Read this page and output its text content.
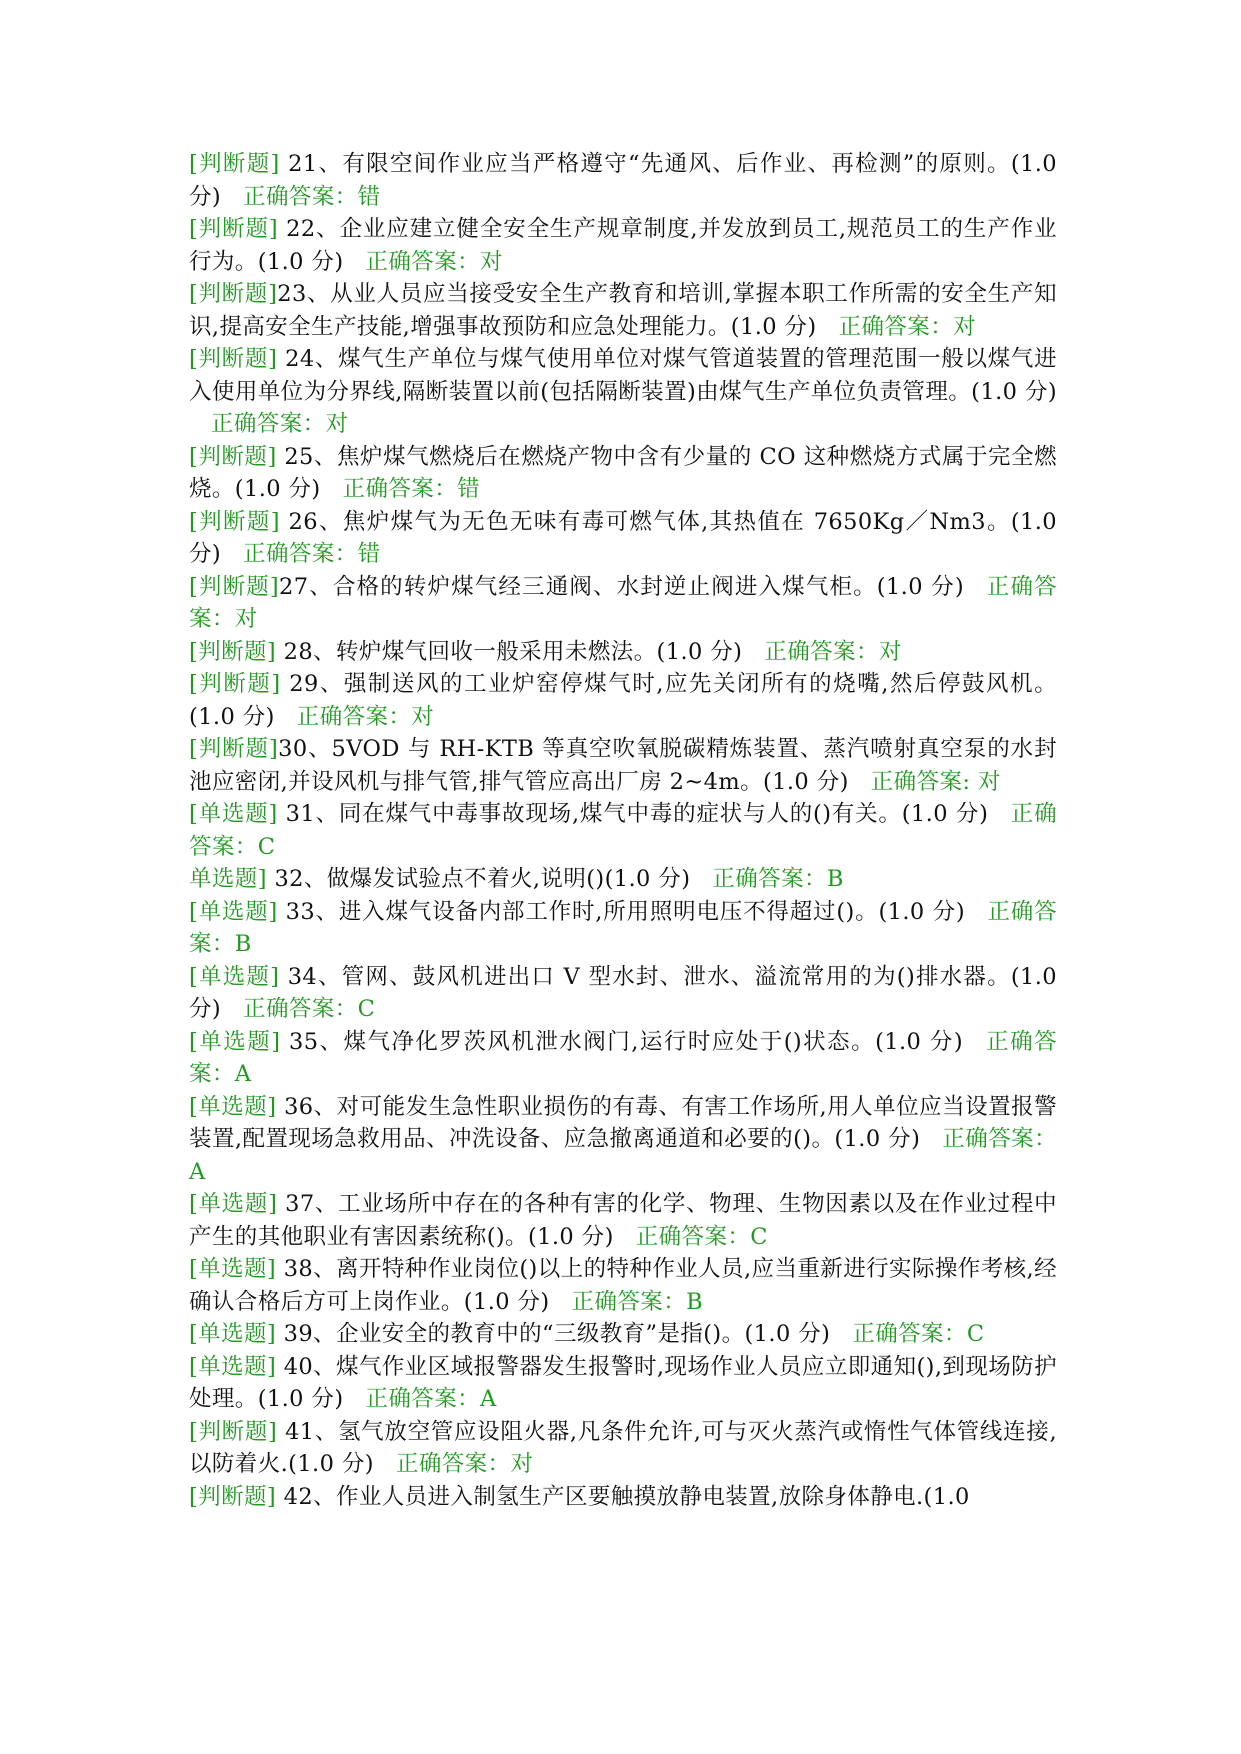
[判断题] 21、有限空间作业应当严格遵守“先通风、后作业、再检测”的原则。(1.0 分) 正确答案：错

[判断题] 22、企业应建立健全安全生产规章制度,并发放到员工,规范员工的生产作业行为。(1.0 分) 正确答案：对

[判断题]23、从业人员应当接受安全生产教育和培训,掌握本职工作所需的安全生产知识,提高安全生产技能,增强事故预防和应急处理能力。(1.0 分) 正确答案：对

[判断题] 24、煤气生产单位与煤气使用单位对煤气管道装置的管理范围一般以煤气进入使用单位为分界线,隔断装置以前(包括隔断装置)由煤气生产单位负责管理。(1.0 分)正确答案：对

[判断题] 25、焦炉煤气燃烧后在燃烧产物中含有少量的 CO 这种燃烧方式属于完全燃烧。(1.0 分) 正确答案：错

[判断题] 26、焦炉煤气为无色无味有毒可燃气体,其热值在 7650Kg／Nm3。(1.0 分) 正确答案：错

[判断题]27、合格的转炉煤气经三通阀、水封逆止阀进入煤气柜。(1.0 分) 正确答案：对

[判断题] 28、转炉煤气回收一般采用未燃法。(1.0 分) 正确答案：对

[判断题] 29、强制送风的工业炉窑停煤气时,应先关闭所有的烧嘴,然后停鼓风机。(1.0 分) 正确答案：对

[判断题]30、5VOD 与 RH-KTB 等真空吹氧脱碳精炼装置、蒸汽喷射真空泵的水封池应密闭,并设风机与排气管,排气管应高出厂房 2~4m。(1.0 分) 正确答案: 对

[单选题] 31、同在煤气中毒事故现场,煤气中毒的症状与人的()有关。(1.0 分) 正确答案：C

单选题] 32、做爆发试验点不着火,说明()(1.0 分) 正确答案：B

[单选题] 33、进入煤气设备内部工作时,所用照明电压不得超过()。(1.0 分) 正确答案：B

[单选题] 34、管网、鼓风机进出口 V 型水封、泄水、溢流常用的为()排水器。(1.0 分) 正确答案：C

[单选题] 35、煤气净化罗茨风机泄水阀门,运行时应处于()状态。(1.0 分) 正确答案：A

[单选题] 36、对可能发生急性职业损伤的有毒、有害工作场所,用人单位应当设置报警装置,配置现场急救用品、冲洗设备、应急撤离通道和必要的()。(1.0 分) 正确答案：A

[单选题] 37、工业场所中存在的各种有害的化学、物理、生物因素以及在作业过程中产生的其他职业有害因素统称()。(1.0 分) 正确答案：C

[单选题] 38、离开特种作业岗位()以上的特种作业人员,应当重新进行实际操作考核,经确认合格后方可上岗作业。(1.0 分) 正确答案：B

[单选题] 39、企业安全的教育中的“三级教育”是指()。(1.0 分) 正确答案：C

[单选题] 40、煤气作业区域报警器发生报警时,现场作业人员应立即通知(),到现场防护处理。(1.0 分) 正确答案：A

[判断题] 41、氢气放空管应设阻火器,凡条件允许,可与灭火蒸汽或惰性气体管线连接,以防着火.(1.0 分) 正确答案：对

[判断题] 42、作业人员进入制氢生产区要触摸放静电装置,放除身体静电.(1.0
